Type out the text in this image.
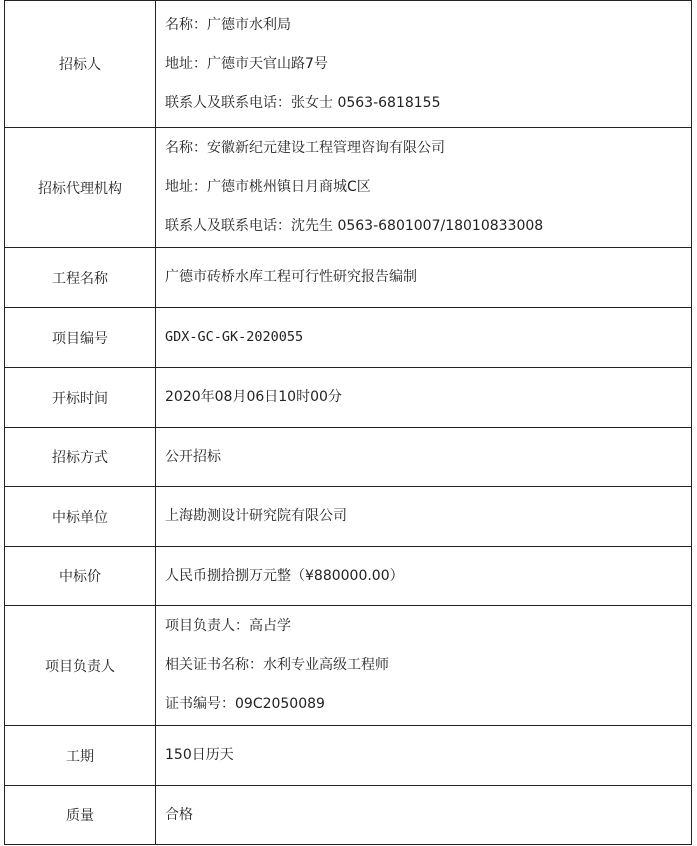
招标人	名称：广德市水利局
地址：广德市天官山路7号
联系人及联系电话：张女士 0563-6818155

招标代理机构	名称：安徽新纪元建设工程管理咨询有限公司
地址：广德市桃州镇日月商城C区
联系人及联系电话：沈先生 0563-6801007/18010833008

工程名称	广德市砖桥水库工程可行性研究报告编制

项目编号	GDX-GC-GK-2020055

开标时间	2020年08月06日10时00分

招标方式	公开招标

中标单位	上海勘测设计研究院有限公司

中标价	人民币捌拾捌万元整（¥880000.00）

项目负责人	项目负责人：高占学
相关证书名称：水利专业高级工程师
证书编号：09C2050089

工期	150日历天

质量	合格
